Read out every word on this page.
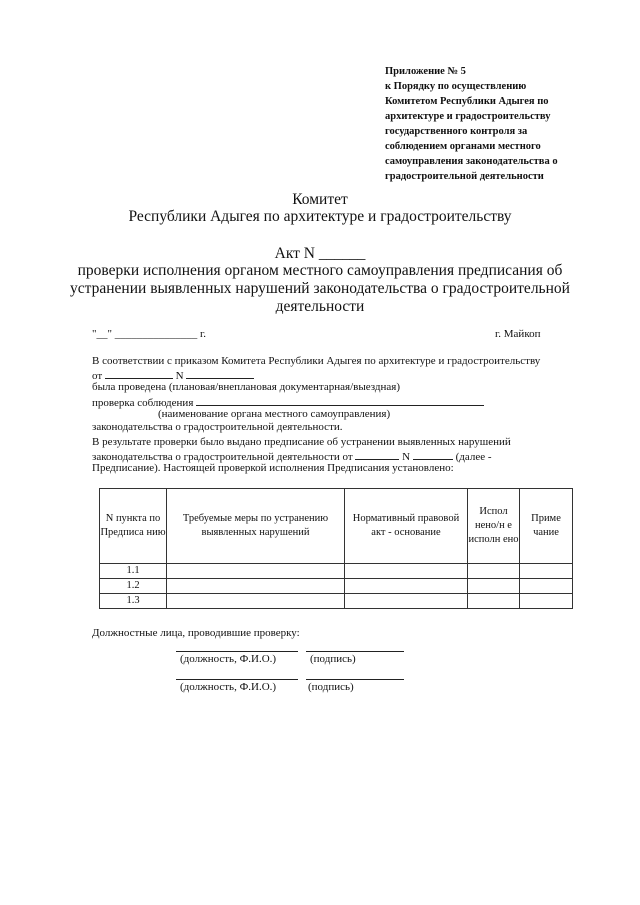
Приложение № 5
к Порядку по осуществлению
Комитетом Республики Адыгея по
архитектуре и градостроительству
государственного контроля за
соблюдением органами местного
самоуправления законодательства о
градостроительной деятельности
Комитет
Республики Адыгея по архитектуре и градостроительству
Акт N ______
проверки исполнения органом местного самоуправления предписания об
устранении выявленных нарушений законодательства о градостроительной
деятельности
"__" _______________ г.	г. Майкоп
В соответствии с приказом Комитета Республики Адыгея по архитектуре и градостроительству
от	N
была проведена (плановая/внеплановая документарная/выездная)
проверка соблюдения
(наименование органа местного самоуправления)
законодательства о градостроительной деятельности.
В результате проверки было выдано предписание об устранении выявленных нарушений
законодательства о градостроительной деятельности от	N	(далее -
Предписание). Настоящей проверкой исполнения Предписания установлено:
N пункта по Предписа нию	Требуемые меры по устранению выявленных нарушений	Нормативный правовой акт - основание	Испол нено/н е исполн ено	Приме чание
1.1				
1.2				
1.3				
Должностные лица, проводившие проверку:
(должность, Ф.И.О.)	(подпись)
(должность, Ф.И.О.)	(подпись)
